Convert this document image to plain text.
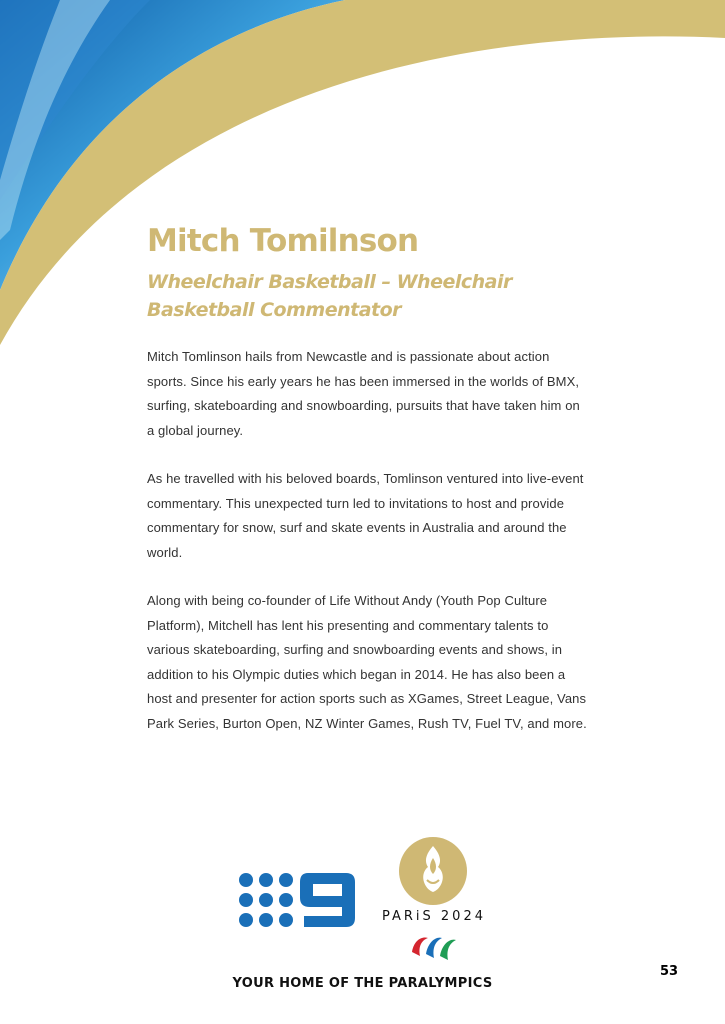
Mitch Tomilnson
Wheelchair Basketball – Wheelchair Basketball Commentator

Mitch Tomlinson hails from Newcastle and is passionate about action sports. Since his early years he has been immersed in the worlds of BMX, surfing, skateboarding and snowboarding, pursuits that have taken him on a global journey.

As he travelled with his beloved boards, Tomlinson ventured into live-event commentary. This unexpected turn led to invitations to host and provide commentary for snow, surf and skate events in Australia and around the world.

Along with being co-founder of Life Without Andy (Youth Pop Culture Platform), Mitchell has lent his presenting and commentary talents to various skateboarding, surfing and snowboarding events and shows, in addition to his Olympic duties which began in 2014. He has also been a host and presenter for action sports such as XGames, Street League, Vans Park Series, Burton Open, NZ Winter Games, Rush TV, Fuel TV, and more.

PARiS 2024
YOUR HOME OF THE PARALYMPICS
53
